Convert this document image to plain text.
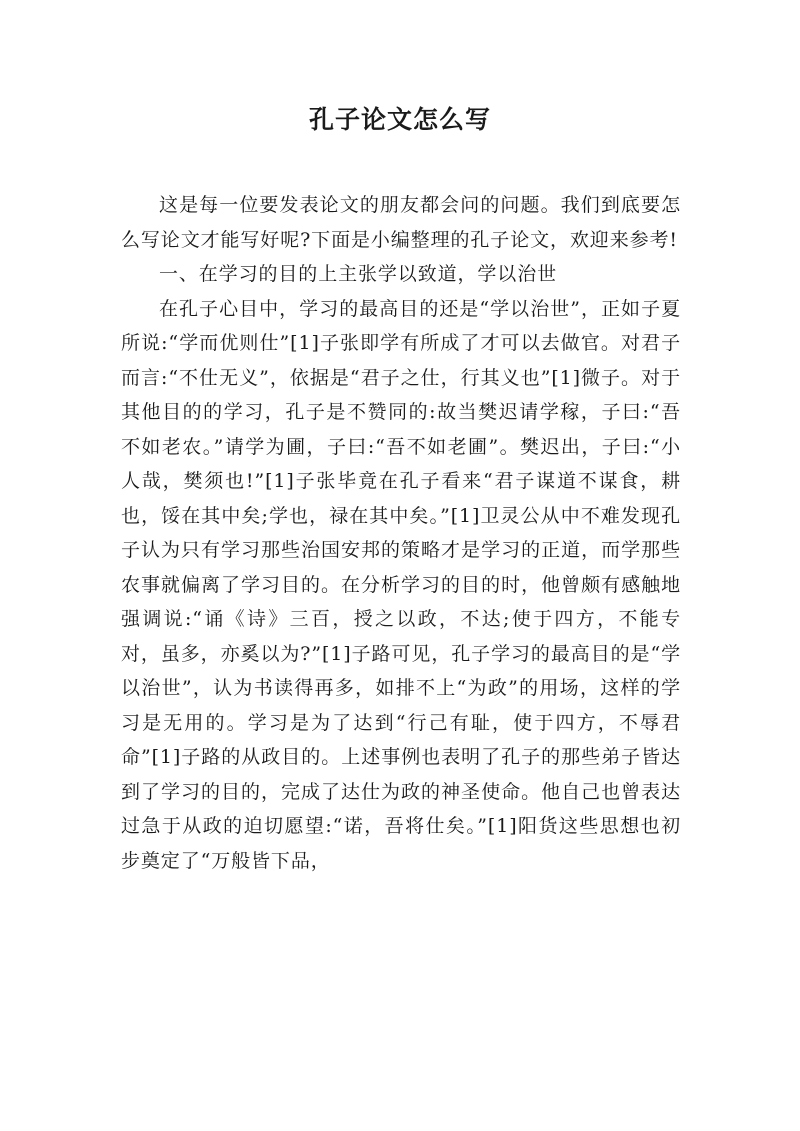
孔子论文怎么写

这是每一位要发表论文的朋友都会问的问题。我们到底要怎么写论文才能写好呢?下面是小编整理的孔子论文，欢迎来参考!

一、在学习的目的上主张学以致道，学以治世

在孔子心目中，学习的最高目的还是“学以治世”，正如子夏所说:“学而优则仕”[1]子张即学有所成了才可以去做官。对君子而言:“不仕无义”，依据是“君子之仕，行其义也”[1]微子。对于其他目的的学习，孔子是不赞同的:故当樊迟请学稼，子曰:“吾不如老农。”请学为圃，子曰:“吾不如老圃”。樊迟出，子曰:“小人哉，樊须也!”[1]子张毕竟在孔子看来“君子谋道不谋食，耕也，馁在其中矣;学也，禄在其中矣。”[1]卫灵公从中不难发现孔子认为只有学习那些治国安邦的策略才是学习的正道，而学那些农事就偏离了学习目的。在分析学习的目的时，他曾颇有感触地强调说:“诵《诗》三百，授之以政，不达;使于四方，不能专对，虽多，亦奚以为?”[1]子路可见，孔子学习的最高目的是“学以治世”，认为书读得再多，如排不上“为政”的用场，这样的学习是无用的。学习是为了达到“行己有耻，使于四方，不辱君命”[1]子路的从政目的。上述事例也表明了孔子的那些弟子皆达到了学习的目的，完成了达仕为政的神圣使命。他自己也曾表达过急于从政的迫切愿望:“诺，吾将仕矣。”[1]阳货这些思想也初步奠定了“万般皆下品，
